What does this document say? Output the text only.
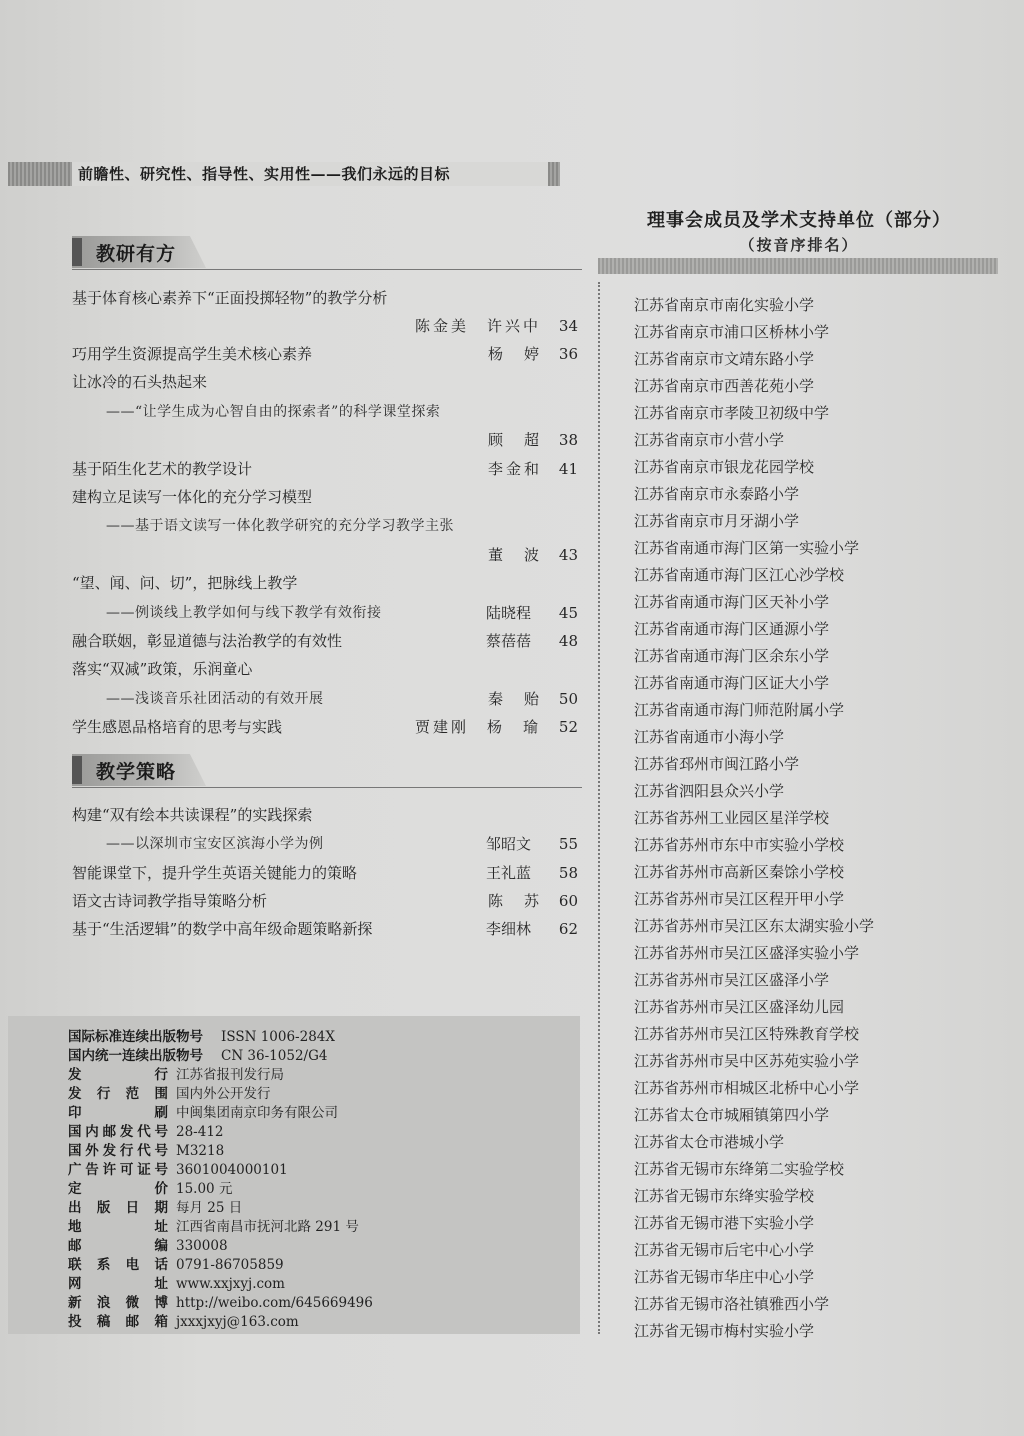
前瞻性、研究性、指导性、实用性——我们永远的目标
教研有方
基于体育核心素养下“正面投掷轻物”的教学分析
陈金美　许兴中	34
巧用学生资源提高学生美术核心素养	杨　婷	36
让冰冷的石头热起来
——“让学生成为心智自由的探索者”的科学课堂探索
顾　超	38
基于陌生化艺术的教学设计	李金和	41
建构立足读写一体化的充分学习模型
——基于语文读写一体化教学研究的充分学习教学主张
董　波	43
“望、闻、问、切”，把脉线上教学
——例谈线上教学如何与线下教学有效衔接	陆晓程	45
融合联姻，彰显道德与法治教学的有效性	蔡蓓蓓	48
落实“双减”政策，乐润童心
——浅谈音乐社团活动的有效开展	秦　贻	50
学生感恩品格培育的思考与实践	贾建刚　杨　瑜	52
教学策略
构建“双有绘本共读课程”的实践探索
——以深圳市宝安区滨海小学为例	邹昭文	55
智能课堂下，提升学生英语关键能力的策略	王礼蓝	58
语文古诗词教学指导策略分析	陈　苏	60
基于“生活逻辑”的数学中高年级命题策略新探	李细林	62
国际标准连续出版物号 ISSN 1006-284X
国内统一连续出版物号 CN 36-1052/G4
发　　行 江苏省报刊发行局
发行范围 国内外公开发行
印　　刷 中闽集团南京印务有限公司
国内邮发代号 28-412
国外发行代号 M3218
广告许可证号 3601004000101
定　　价 15.00 元
出版日期 每月 25 日
地　　址 江西省南昌市抚河北路 291 号
邮　　编 330008
联系电话 0791-86705859
网　　址 www.xxjxyj.com
新浪微博 http://weibo.com/645669496
投稿邮箱 jxxxjxyj@163.com
理事会成员及学术支持单位（部分）
（按音序排名）
江苏省南京市南化实验小学
江苏省南京市浦口区桥林小学
江苏省南京市文靖东路小学
江苏省南京市西善花苑小学
江苏省南京市孝陵卫初级中学
江苏省南京市小营小学
江苏省南京市银龙花园学校
江苏省南京市永泰路小学
江苏省南京市月牙湖小学
江苏省南通市海门区第一实验小学
江苏省南通市海门区江心沙学校
江苏省南通市海门区天补小学
江苏省南通市海门区通源小学
江苏省南通市海门区余东小学
江苏省南通市海门区证大小学
江苏省南通市海门师范附属小学
江苏省南通市小海小学
江苏省邳州市闽江路小学
江苏省泗阳县众兴小学
江苏省苏州工业园区星洋学校
江苏省苏州市东中市实验小学校
江苏省苏州市高新区秦馀小学校
江苏省苏州市吴江区程开甲小学
江苏省苏州市吴江区东太湖实验小学
江苏省苏州市吴江区盛泽实验小学
江苏省苏州市吴江区盛泽小学
江苏省苏州市吴江区盛泽幼儿园
江苏省苏州市吴江区特殊教育学校
江苏省苏州市吴中区苏苑实验小学
江苏省苏州市相城区北桥中心小学
江苏省太仓市城厢镇第四小学
江苏省太仓市港城小学
江苏省无锡市东绛第二实验学校
江苏省无锡市东绛实验学校
江苏省无锡市港下实验小学
江苏省无锡市后宅中心小学
江苏省无锡市华庄中心小学
江苏省无锡市洛社镇雅西小学
江苏省无锡市梅村实验小学
